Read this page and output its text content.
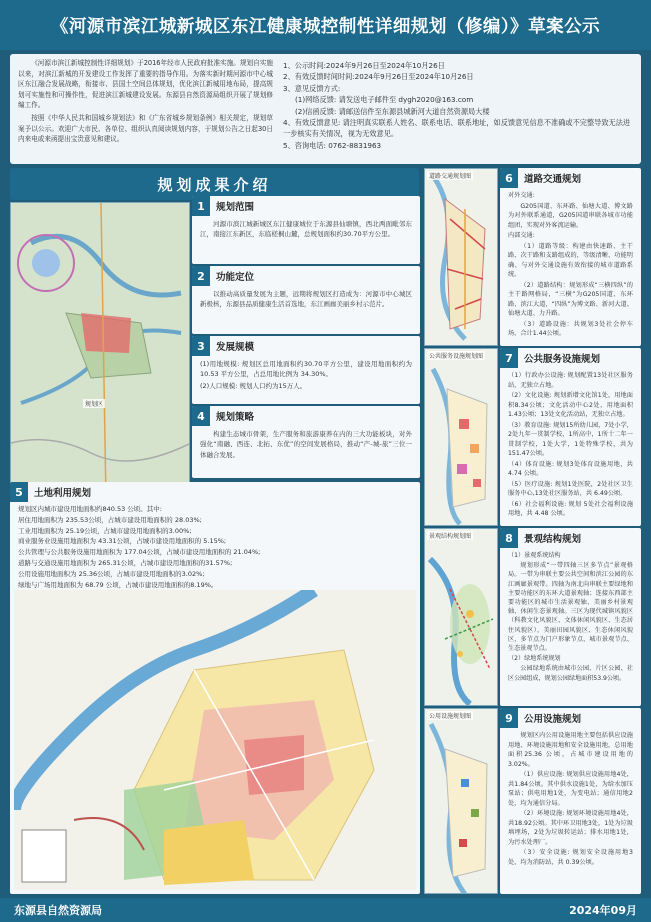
《河源市滨江城新城区东江健康城控制性详细规划（修编）》草案公示

《河源市滨江新城控制性详细规划》于2016年经市人民政府批准实施。规划自实施以来，对滨江新城的开发建设工作发挥了重要的指导作用。为落实新时期河源市中心城区东江融合发展战略，衔接市、县国土空间总体规划，优化滨江新城用地布局，提高规划可实施性和可操作性，促进滨江新城建设发展。东源县自然资源局组织开展了规划修编工作。

按照《中华人民共和国城乡规划法》和《广东省城乡规划条例》相关规定，规划草案予以公示。欢迎广大市民、各单位、组织认真阅读规划内容，于规划公告之日起30日内来电或来函提出宝贵意见和建议。

1、公示时间:2024年9月26日至2024年10月26日

2、有效反馈时间时间:2024年9月26日至2024年10月26日

3、意见反馈方式:

(1)网络反馈: 请发送电子邮件至 dygh2020@163.com

(2)信函反馈: 请邮送信件至东源县城新河大道自然资源局大楼

4、有效反馈意见: 请注明真实联系人姓名、联系电话、联系地址，如反馈意见信息不准确或不完整导致无法进一步核实有关情况，视为无效意见。

5、咨询电话: 0762-8831963

规划成果介绍
规划区
1	规划范围

河源市滨江城新城区东江健康城位于东源县仙塘镇，西北两面毗邻东江，南接江东新区，东临槎桐山麓，总规划面积约30.70平方公里。

2	功能定位

以推动高质量发展为主题，远期将规划区打造成为：河源市中心城区新极核，东源县品质健康生活首选地，东江画廊美丽乡村示范片。

3	发展规模

(1)用地规模: 规划区总用地面积约30.70平方公里，建设用地面积约为10.53 平方公里，占总用地比例为 34.30%。

(2)人口规模: 规划人口约为15万人。

4	规划策略

构建生态城市骨架，生产服务和旅游康养在内的三大功能板块，对外强化“南融、西连、北拓、东优”的空间发展格局，推动“产-城-旅”三位一体融合发展。

5	土地利用规划

规划区内城市建设用地面积约840.53 公顷。其中:

居住用地面积为 235.53公顷，占城市建设用地面积的 28.03%;

工业用地面积为 25.19公顷，占城市建设用地面积的3.00%;

商业服务业设施用地面积为 43.31公顷，占城市建设用地面积的 5.15%;

公共管理与公共服务设施用地面积为 177.04公顷，占城市建设用地面积的 21.04%;

道路与交通设施用地面积为 265.31公顷，占城市建设用地面积的31.57%;

公用设施用地面积为 25.36公顷，占城市建设用地面积的3.02%;

绿地与广场用地面积为 68.79 公顷，占城市建设用地面积的8.19%。

道路交通规划图	6	道路交通规划

对外交通:

G205国道、东环路、仙塘大道、博文路为对外联系通道，G205国道串联各城市功能组团，实现对外客流运输。

内部交通:

（1）道路等级：构建由快速路、主干路、次干路和支路组成的，等级清晰、功能明确、与对外交通设施有效衔接的城市道路系统。

（2）道路结构：规划形成“三横四纵”的主干路网格局，“三横”为G205国道、东环路、滨江大道，“四纵”为博文路、新河大道、仙塘大道、力升路。

（3）道路设施：共规划3处社会停车场，合计1.44公顷。

公共服务设施规划图	7	公共服务设施规划

（1）行政办公设施: 规划配置13处社区服务站，无独立占地。

（2）文化设施: 规划新增文化馆1处，用地面积8.34公顷；文化活动中心2处，用地面积1.43公顷；13处文化活动站，无独立占地。

（3）教育设施: 规划15所幼儿园，7处小学，2处九年一贯制学校，1所高中，1所十二年一贯制学校，1处大学，1处特殊学校，共为151.47公顷。

（4）体育设施: 规划3处体育设施用地，共 4.74 公顷。

（5）医疗设施: 规划1处医院，2处社区卫生服务中心,13处社区服务站，共 6.49公顷。

（6）社会福利设施: 规划 5处社会福利设施用地，共 4.48 公顷。

景观结构规划图	8	景观结构规划

（1）景观系统结构

规划形成“一带四轴三区多节点”景观格局。一带为串联主要公共空间和滨江公园的东江画廊景观带。四轴为南北向串联主要绿地和主要功能区的东环大道景观轴；连接东西部主要功能区的城市生活景观轴、美丽乡村景观轴、休闲生态景观轴。三区为现代城镇风貌区（科教文化风貌区、文体休闲风貌区、生态居住风貌区），美丽田园风貌区、生态休闲风貌区，多节点为门户形象节点、城市景观节点、生态景观节点。

（2）绿地系统规划

公园绿地系统由城市公园、片区公园、社区公园组成，规划公园绿地面积53.9公顷。

公用设施规划图	9	公用设施规划

规划区内公用设施用地主要包括供应设施用地、环境设施用地和安全设施用地，总用地面积25.36 公顷，占城市建设用地的3.02%。

（1）供应设施: 规划供应设施用地4处，共1.84公顷。其中供水设施1处，为给水加压泵站；供电用地1处，为变电站；通信用地2处，均为通信分局。

（2）环境设施: 规划环境设施用地4处，共18.92公顷。其中环卫用地3处，1处为垃圾填埋场，2处为垃圾转运站；排水用地1处，为污水处理厂。

（3）安全设施: 规划安全设施用地3 处，均为消防站，共 0.39公顷。

东源县自然资源局	2024年09月
